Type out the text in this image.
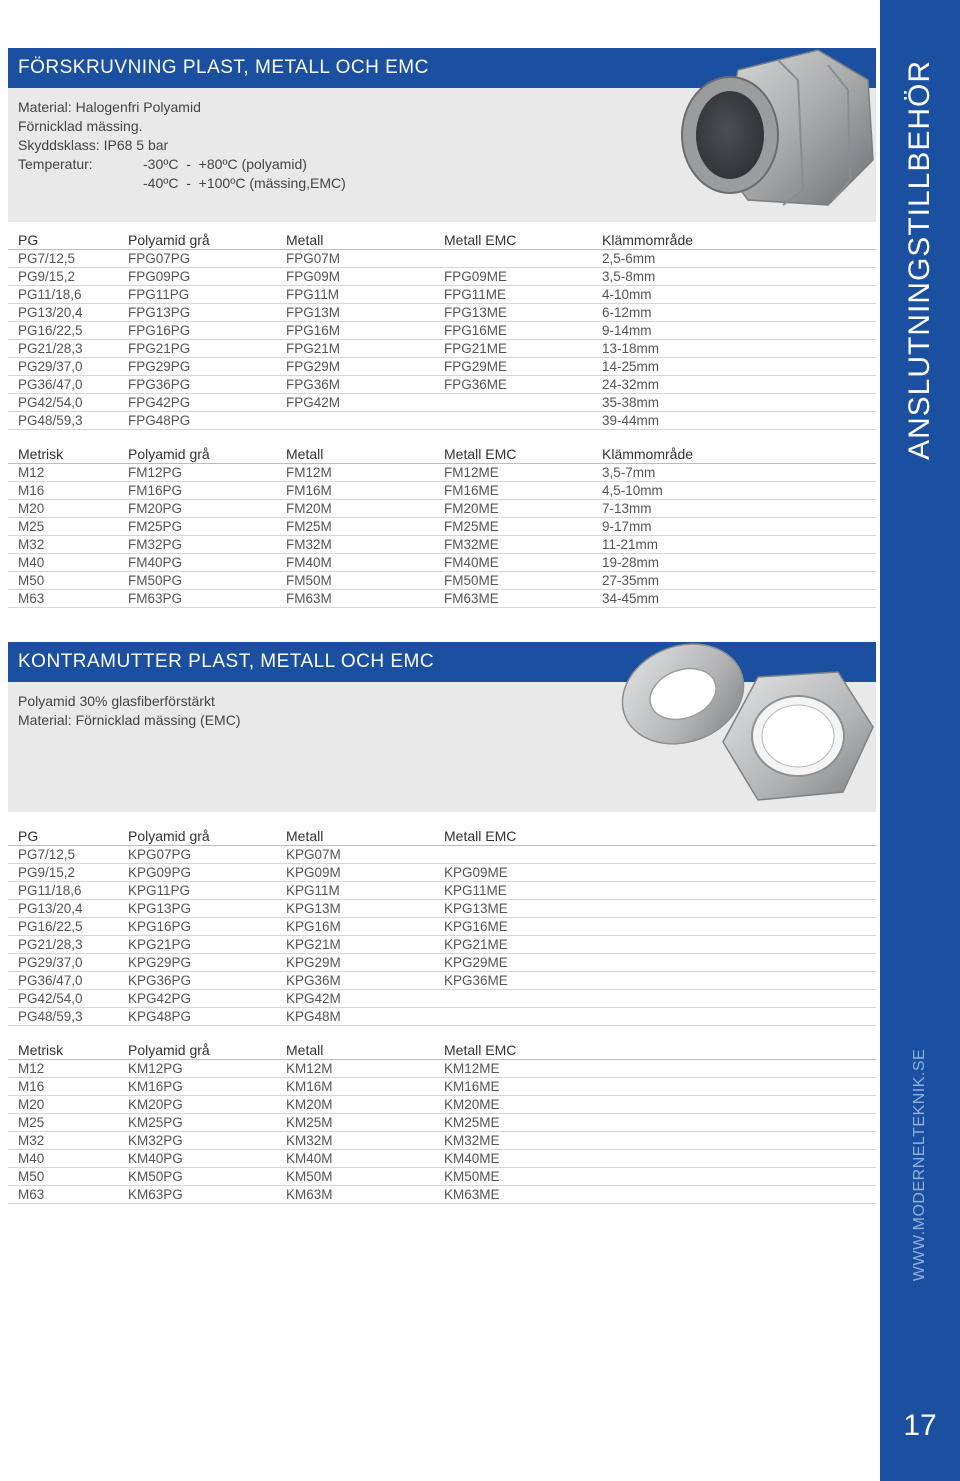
FÖRSKRUVNING PLAST, METALL OCH EMC
Material: Halogenfri Polyamid
Förnicklad mässing.
Skyddsklass: IP68 5 bar
Temperatur:	-30ºC  -  +80ºC (polyamid)
-40ºC  -  +100ºC (mässing,EMC)
PG	Polyamid grå	Metall	Metall EMC	Klämmområde
PG7/12,5	FPG07PG	FPG07M		2,5-6mm
PG9/15,2	FPG09PG	FPG09M	FPG09ME	3,5-8mm
PG11/18,6	FPG11PG	FPG11M	FPG11ME	4-10mm
PG13/20,4	FPG13PG	FPG13M	FPG13ME	6-12mm
PG16/22,5	FPG16PG	FPG16M	FPG16ME	9-14mm
PG21/28,3	FPG21PG	FPG21M	FPG21ME	13-18mm
PG29/37,0	FPG29PG	FPG29M	FPG29ME	14-25mm
PG36/47,0	FPG36PG	FPG36M	FPG36ME	24-32mm
PG42/54,0	FPG42PG	FPG42M		35-38mm
PG48/59,3	FPG48PG			39-44mm
Metrisk	Polyamid grå	Metall	Metall EMC	Klämmområde
M12	FM12PG	FM12M	FM12ME	3,5-7mm
M16	FM16PG	FM16M	FM16ME	4,5-10mm
M20	FM20PG	FM20M	FM20ME	7-13mm
M25	FM25PG	FM25M	FM25ME	9-17mm
M32	FM32PG	FM32M	FM32ME	11-21mm
M40	FM40PG	FM40M	FM40ME	19-28mm
M50	FM50PG	FM50M	FM50ME	27-35mm
M63	FM63PG	FM63M	FM63ME	34-45mm
KONTRAMUTTER PLAST, METALL OCH EMC
Polyamid 30% glasfiberförstärkt
Material: Förnicklad mässing (EMC)
PG	Polyamid grå	Metall	Metall EMC
PG7/12,5	KPG07PG	KPG07M	
PG9/15,2	KPG09PG	KPG09M	KPG09ME
PG11/18,6	KPG11PG	KPG11M	KPG11ME
PG13/20,4	KPG13PG	KPG13M	KPG13ME
PG16/22,5	KPG16PG	KPG16M	KPG16ME
PG21/28,3	KPG21PG	KPG21M	KPG21ME
PG29/37,0	KPG29PG	KPG29M	KPG29ME
PG36/47,0	KPG36PG	KPG36M	KPG36ME
PG42/54,0	KPG42PG	KPG42M	
PG48/59,3	KPG48PG	KPG48M	
Metrisk	Polyamid grå	Metall	Metall EMC
M12	KM12PG	KM12M	KM12ME
M16	KM16PG	KM16M	KM16ME
M20	KM20PG	KM20M	KM20ME
M25	KM25PG	KM25M	KM25ME
M32	KM32PG	KM32M	KM32ME
M40	KM40PG	KM40M	KM40ME
M50	KM50PG	KM50M	KM50ME
M63	KM63PG	KM63M	KM63ME
ANSLUTNINGSTILLBEHÖR
WWW.MODERNELTEKNIK.SE
17
